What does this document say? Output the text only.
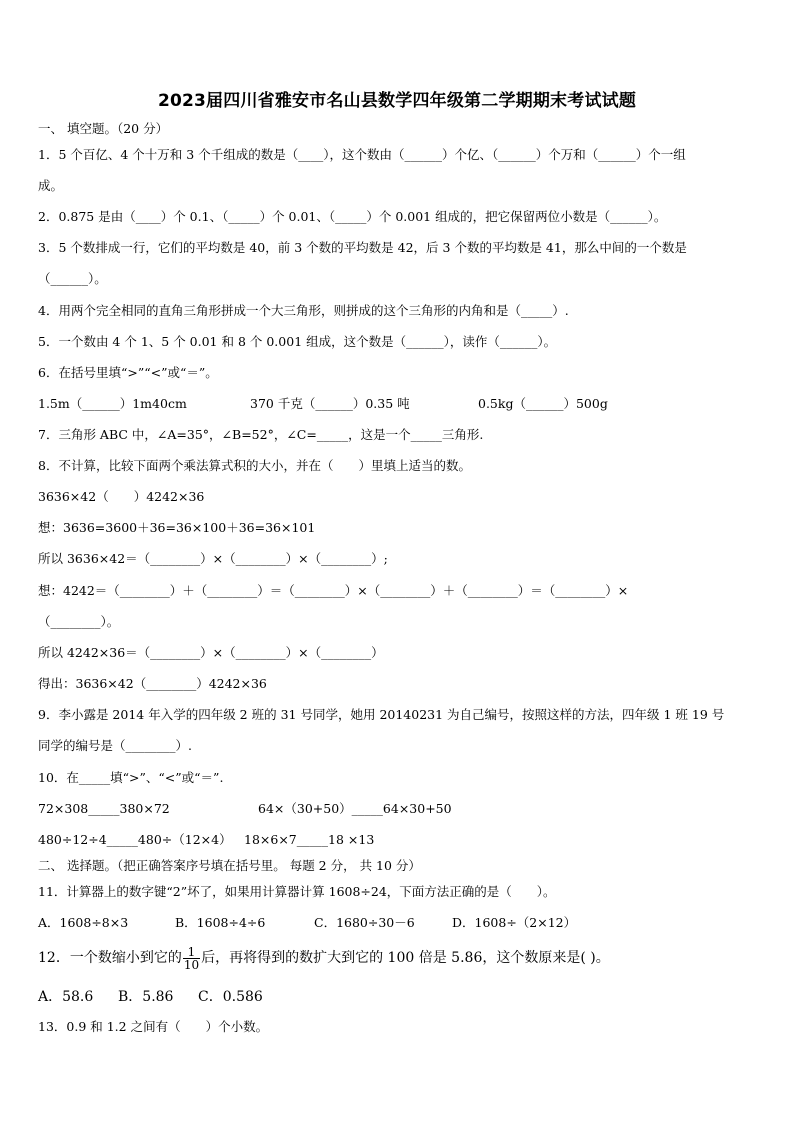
2023届四川省雅安市名山县数学四年级第二学期期末考试试题
一、 填空题。（20 分）
1．5 个百亿、4 个十万和 3 个千组成的数是（____），这个数由（______）个亿、（______）个万和（______）个一组
成。
2．0.875 是由（____）个 0.1、（_____）个 0.01、（_____）个 0.001 组成的，把它保留两位小数是（______）。
3．5 个数排成一行，它们的平均数是 40，前 3 个数的平均数是 42，后 3 个数的平均数是 41，那么中间的一个数是
（______）。
4．用两个完全相同的直角三角形拼成一个大三角形，则拼成的这个三角形的内角和是（_____）.
5．一个数由 4 个 1、5 个 0.01 和 8 个 0.001 组成，这个数是（______），读作（______）。
6．在括号里填“>”“<”或“＝”。
1.5m（______）1m40cm	370 千克（______）0.35 吨	0.5kg（______）500g
7．三角形 ABC 中，∠A=35°，∠B=52°，∠C=_____，这是一个_____三角形.
8．不计算，比较下面两个乘法算式积的大小，并在（　　）里填上适当的数。
3636×42（　　）4242×36
想：3636=3600＋36=36×100＋36=36×101
所以 3636×42＝（________）×（________）×（________）;
想：4242＝（________）＋（________）＝（________）×（________）＋（________）＝（________）×
（________）。
所以 4242×36＝（________）×（________）×（________）
得出：3636×42（________）4242×36
9．李小露是 2014 年入学的四年级 2 班的 31 号同学，她用 20140231 为自己编号，按照这样的方法，四年级 1 班 19 号
同学的编号是（________）.
10．在_____填“>”、“<”或“＝”.
72×308_____380×72	64×（30+50）_____64×30+50
480÷12÷4_____480÷（12×4） 18×6×7_____18 ×13
二、 选择题。（把正确答案序号填在括号里。 每题 2 分， 共 10 分）
11．计算器上的数字键“2”坏了，如果用计算器计算 1608÷24，下面方法正确的是（　　）。
A．1608÷8×3	B．1608÷4÷6	C．1680÷30－6	D．1608÷（2×12）
12．一个数缩小到它的 $\frac{1}{10}$ 后，再将得到的数扩大到它的 100 倍是 5.86，这个数原来是( )。
A．58.6 B．5.86 C．0.586
13．0.9 和 1.2 之间有（　　）个小数。
